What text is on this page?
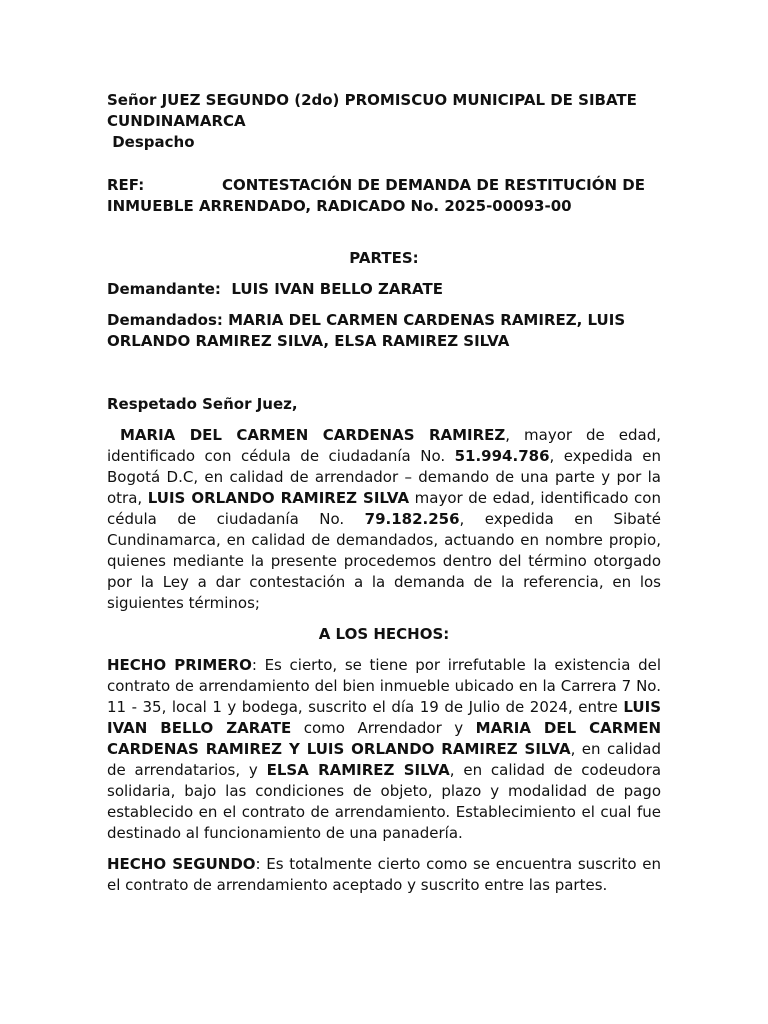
Señor JUEZ SEGUNDO (2do) PROMISCUO MUNICIPAL DE SIBATE

CUNDINAMARCA

Despacho

REF:	CONTESTACIÓN DE DEMANDA DE RESTITUCIÓN DE INMUEBLE ARRENDADO, RADICADO No. 2025-00093-00

PARTES:

Demandante: LUIS IVAN BELLO ZARATE

Demandados: MARIA DEL CARMEN CARDENAS RAMIREZ, LUIS ORLANDO RAMIREZ SILVA, ELSA RAMIREZ SILVA

Respetado Señor Juez,

MARIA DEL CARMEN CARDENAS RAMIREZ, mayor de edad, identificado con cédula de ciudadanía No. 51.994.786, expedida en Bogotá D.C, en calidad de arrendador – demando de una parte y por la otra, LUIS ORLANDO RAMIREZ SILVA mayor de edad, identificado con cédula de ciudadanía No. 79.182.256, expedida en Sibaté Cundinamarca, en calidad de demandados, actuando en nombre propio, quienes mediante la presente procedemos dentro del término otorgado por la Ley a dar contestación a la demanda de la referencia, en los siguientes términos;

A LOS HECHOS:

HECHO PRIMERO: Es cierto, se tiene por irrefutable la existencia del contrato de arrendamiento del bien inmueble ubicado en la Carrera 7 No. 11 - 35, local 1 y bodega, suscrito el día 19 de Julio de 2024, entre LUIS IVAN BELLO ZARATE como Arrendador y MARIA DEL CARMEN CARDENAS RAMIREZ Y LUIS ORLANDO RAMIREZ SILVA, en calidad de arrendatarios, y ELSA RAMIREZ SILVA, en calidad de codeudora solidaria, bajo las condiciones de objeto, plazo y modalidad de pago establecido en el contrato de arrendamiento. Establecimiento el cual fue destinado al funcionamiento de una panadería.

HECHO SEGUNDO: Es totalmente cierto como se encuentra suscrito en el contrato de arrendamiento aceptado y suscrito entre las partes.
